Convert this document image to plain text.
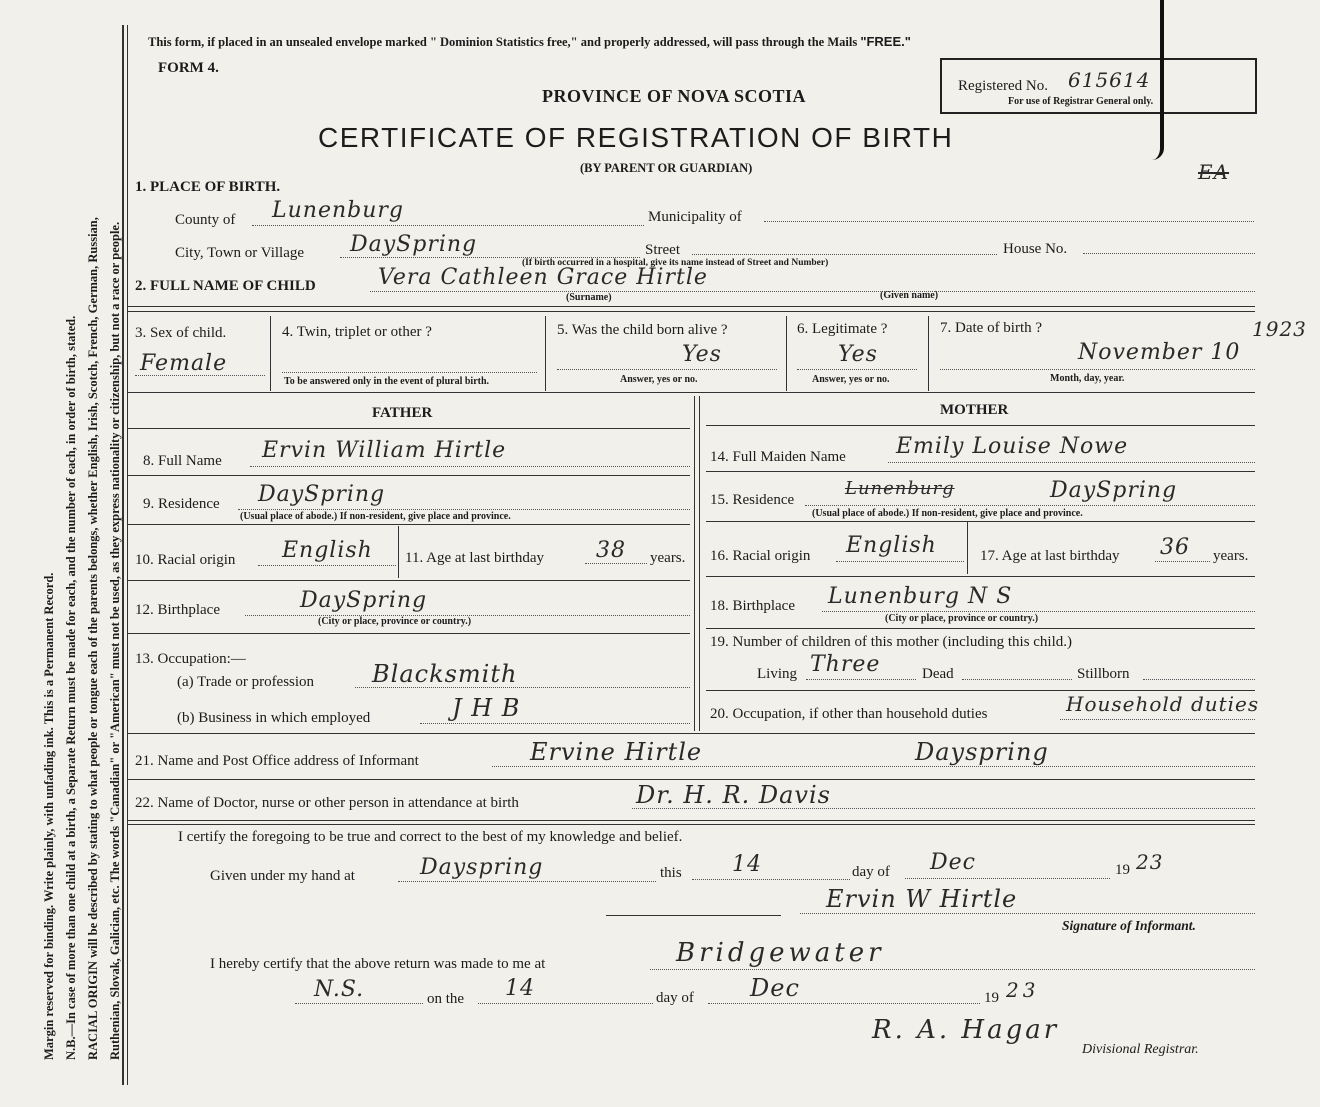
Margin reserved for binding. Write plainly, with unfading ink. This is a Permanent Record. N.B.—In case of more than one child at a birth, a Separate Return must be made for each, and the number of each, in order of birth, stated. RACIAL ORIGIN will be described by stating to what people or tongue each of the parents belongs, whether English, Irish, Scotch, French, German, Russian, Ruthenian, Slovak, Galician, etc. The words "Canadian" or "American" must not be used, as they express nationality or citizenship, but not a race or people.
This form, if placed in an unsealed envelope marked " Dominion Statistics free," and properly addressed, will pass through the Mails "FREE."
FORM 4.
PROVINCE OF NOVA SCOTIA
CERTIFICATE OF REGISTRATION OF BIRTH
(BY PARENT OR GUARDIAN)
Registered No. 615614
For use of Registrar General only.
EA
1. PLACE OF BIRTH.
County of Lunenburg	Municipality of
City, Town or Village DaySpring	Street	House No.
(If birth occurred in a hospital, give its name instead of Street and Number)
2. FULL NAME OF CHILD	Vera Cathleen Grace Hirtle
(Surname)	(Given name)
3. Sex of child.
Female
4. Twin, triplet or other ?
To be answered only in the event of plural birth.
5. Was the child born alive ?
Yes
Answer, yes or no.
6. Legitimate ?
Yes
Answer, yes or no.
7. Date of birth ?	1923
November 10
Month, day, year.
FATHER	MOTHER
8. Full Name Ervin William Hirtle
9. Residence DaySpring
(Usual place of abode.) If non-resident, give place and province.
10. Racial origin English 11. Age at last birthday 38 years.
12. Birthplace	DaySpring
(City or place, province or country.)
13. Occupation:—
(a) Trade or profession Blacksmith
(b) Business in which employed	J H B
14. Full Maiden Name Emily Louise Nowe
15. Residence
Lunenburg	DaySpring
(Usual place of abode.) If non-resident, give place and province.
16. Racial origin English	17. Age at last birthday 36 years.
18. Birthplace Lunenburg N S
(City or place, province or country.)
19. Number of children of this mother (including this child.)
Living Three	Dead	Stillborn
20. Occupation, if other than household duties	Household duties
21. Name and Post Office address of Informant	Ervine Hirtle	Dayspring
22. Name of Doctor, nurse or other person in attendance at birth	Dr. H. R. Davis
I certify the foregoing to be true and correct to the best of my knowledge and belief.
Given under my hand at	Dayspring	this 14	day of Dec	19 23
Ervin W Hirtle
Signature of Informant.
I hereby certify that the above return was made to me at	Bridgewater
N.S.	on the 14	day of Dec	19 23
R. A. Hagar
Divisional Registrar.
